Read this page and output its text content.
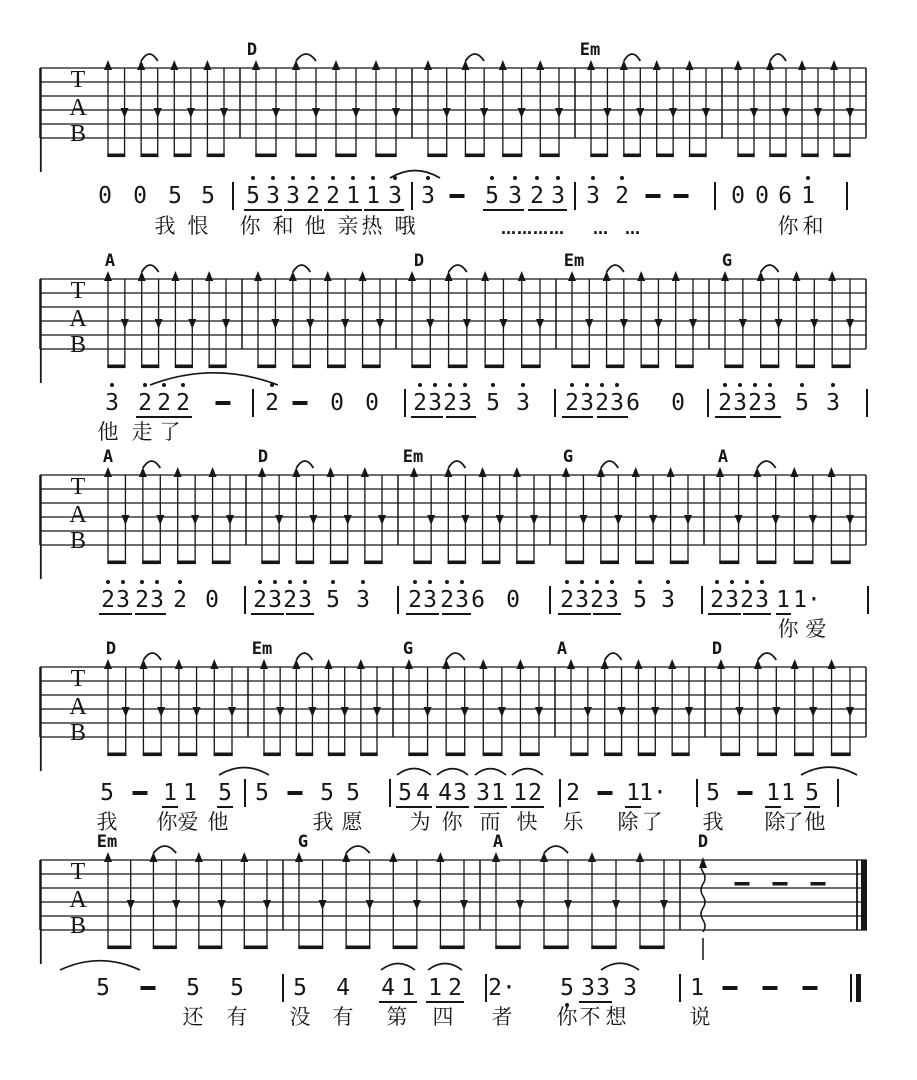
D	Em
T
A
B
0 0 5 5 5 3 3 2 2 1 1 3 3 5 3 2 3 3 2	0 0 6 1
我 恨 你 和 他 亲 热 哦	………… … …	你 和
A	D	Em	G
T
A
B
3 2 2 2	2 0 0 2 3 2 3 5 3 2 3 2 3 6 0 2 3 2 3 5 3
他 走 了
A	D	Em	G	A
T
A
B
2 3 2 3 2 0 2 3 2 3 5 3 2 3 2 3 6 0 2 3 2 3 5 3 2 3 2 3 1 1·
你 爱
D	Em	G	A	D
T
A
B
5 1 1 5 5 5 5 5 4 4 3 3 1 1 2 2 1 1· 5 1 1 5
我 你 爱 他	我 愿 为 你 而 快 乐 除 了 我 除
了 他
Em	G	A	D
T
A
B
5	5 5 5 4 4 1 1 2 2· 5 3 3 3 1
还 有 没 有 第 四 者 你 不 想	说
